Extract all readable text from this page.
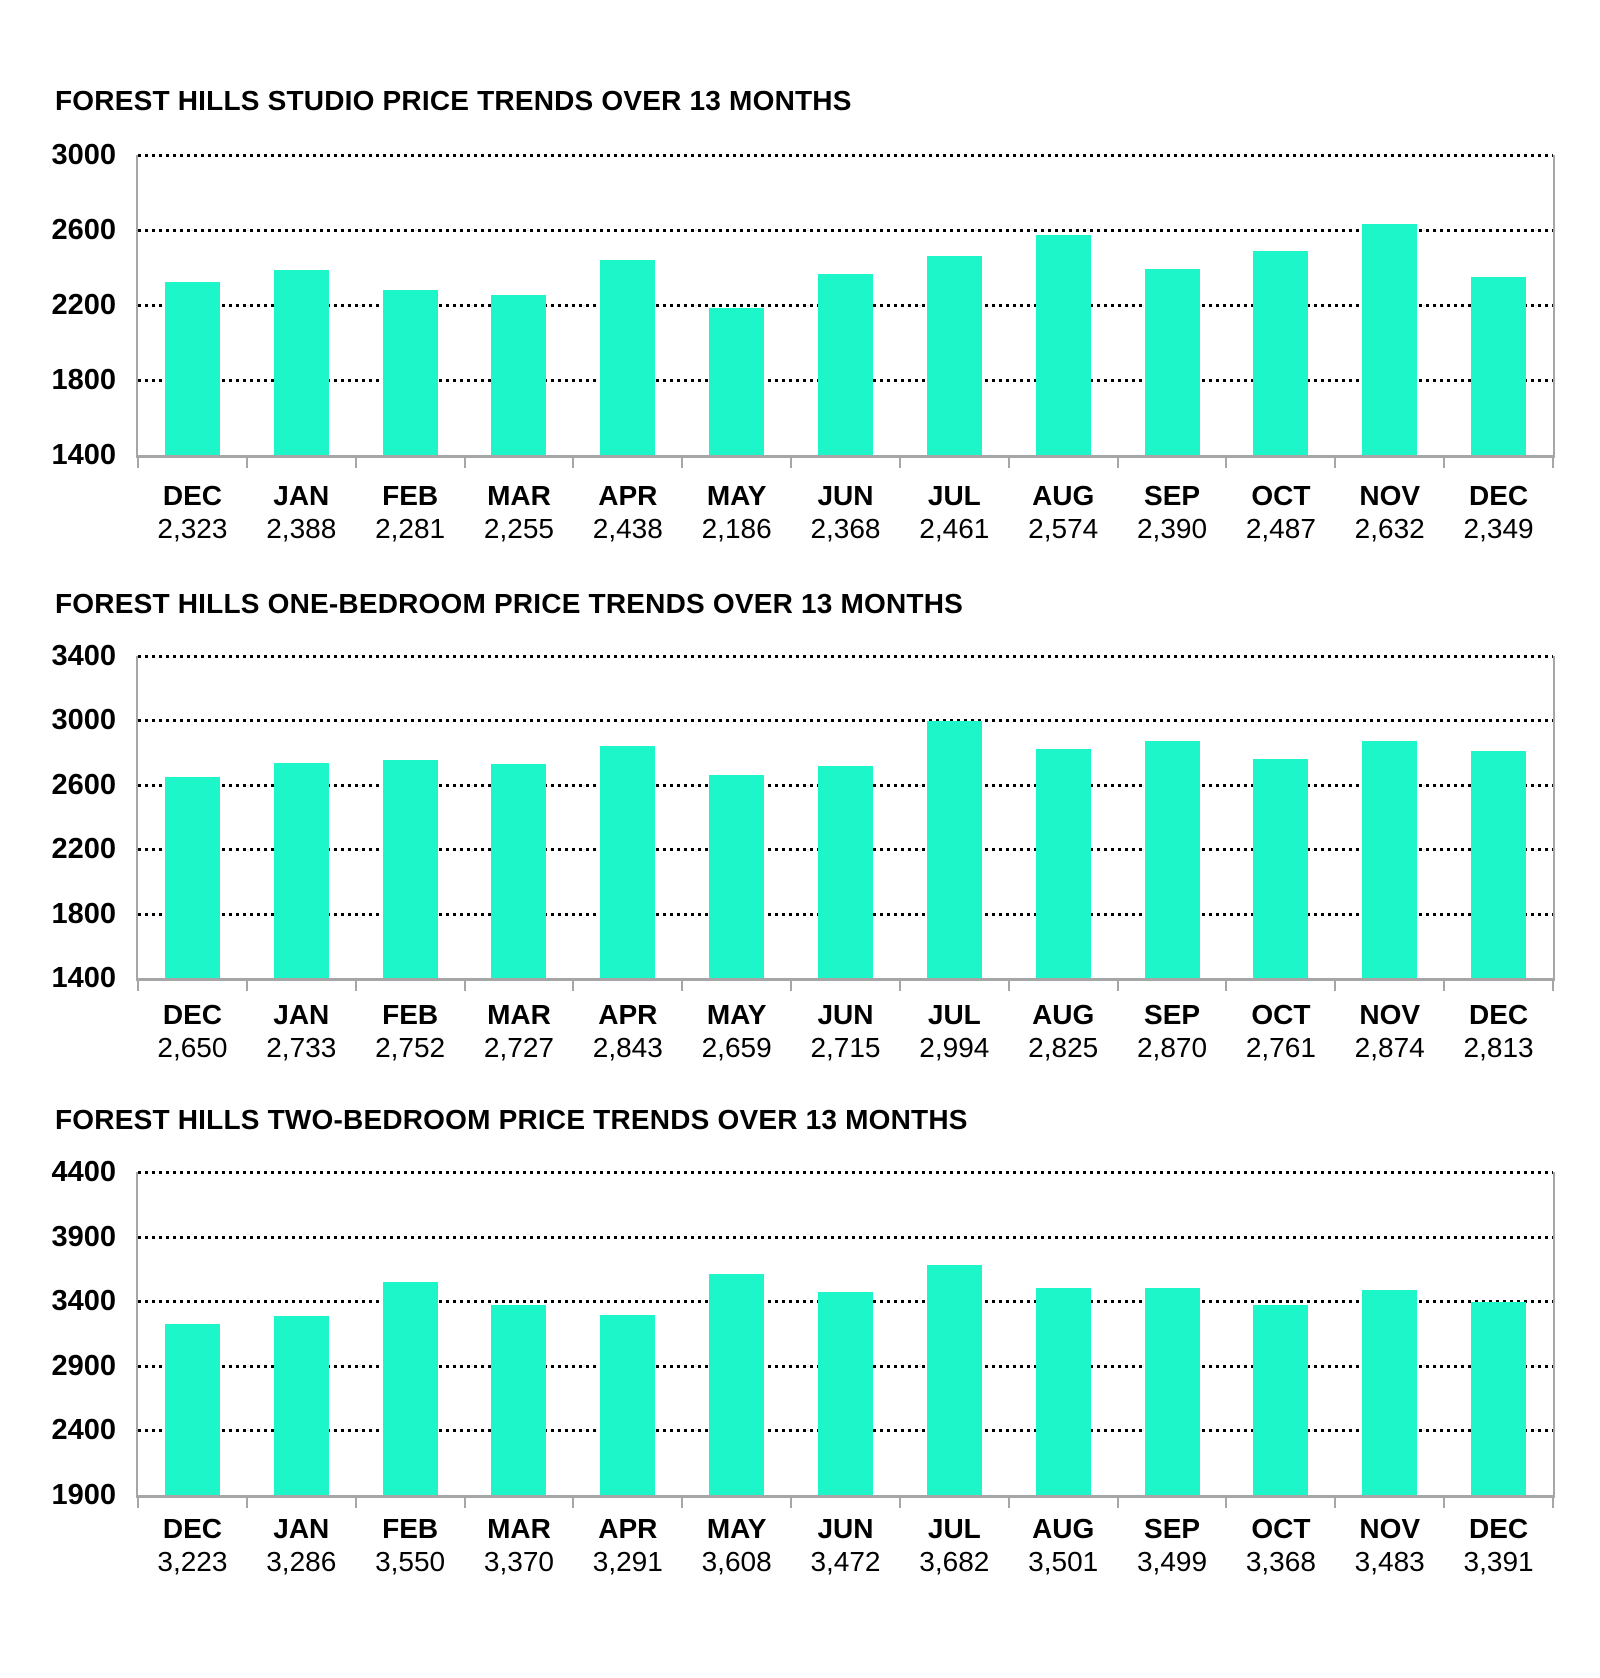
FOREST HILLS STUDIO PRICE TRENDS OVER 13 MONTHS
3000
2600
2200
1800
1400
DEC
2,323
JAN
2,388
FEB
2,281
MAR
2,255
APR
2,438
MAY
2,186
JUN
2,368
JUL
2,461
AUG
2,574
SEP
2,390
OCT
2,487
NOV
2,632
DEC
2,349
FOREST HILLS ONE-BEDROOM PRICE TRENDS OVER 13 MONTHS
3400
3000
2600
2200
1800
1400
DEC
2,650
JAN
2,733
FEB
2,752
MAR
2,727
APR
2,843
MAY
2,659
JUN
2,715
JUL
2,994
AUG
2,825
SEP
2,870
OCT
2,761
NOV
2,874
DEC
2,813
FOREST HILLS TWO-BEDROOM PRICE TRENDS OVER 13 MONTHS
4400
3900
3400
2900
2400
1900
DEC
3,223
JAN
3,286
FEB
3,550
MAR
3,370
APR
3,291
MAY
3,608
JUN
3,472
JUL
3,682
AUG
3,501
SEP
3,499
OCT
3,368
NOV
3,483
DEC
3,391
